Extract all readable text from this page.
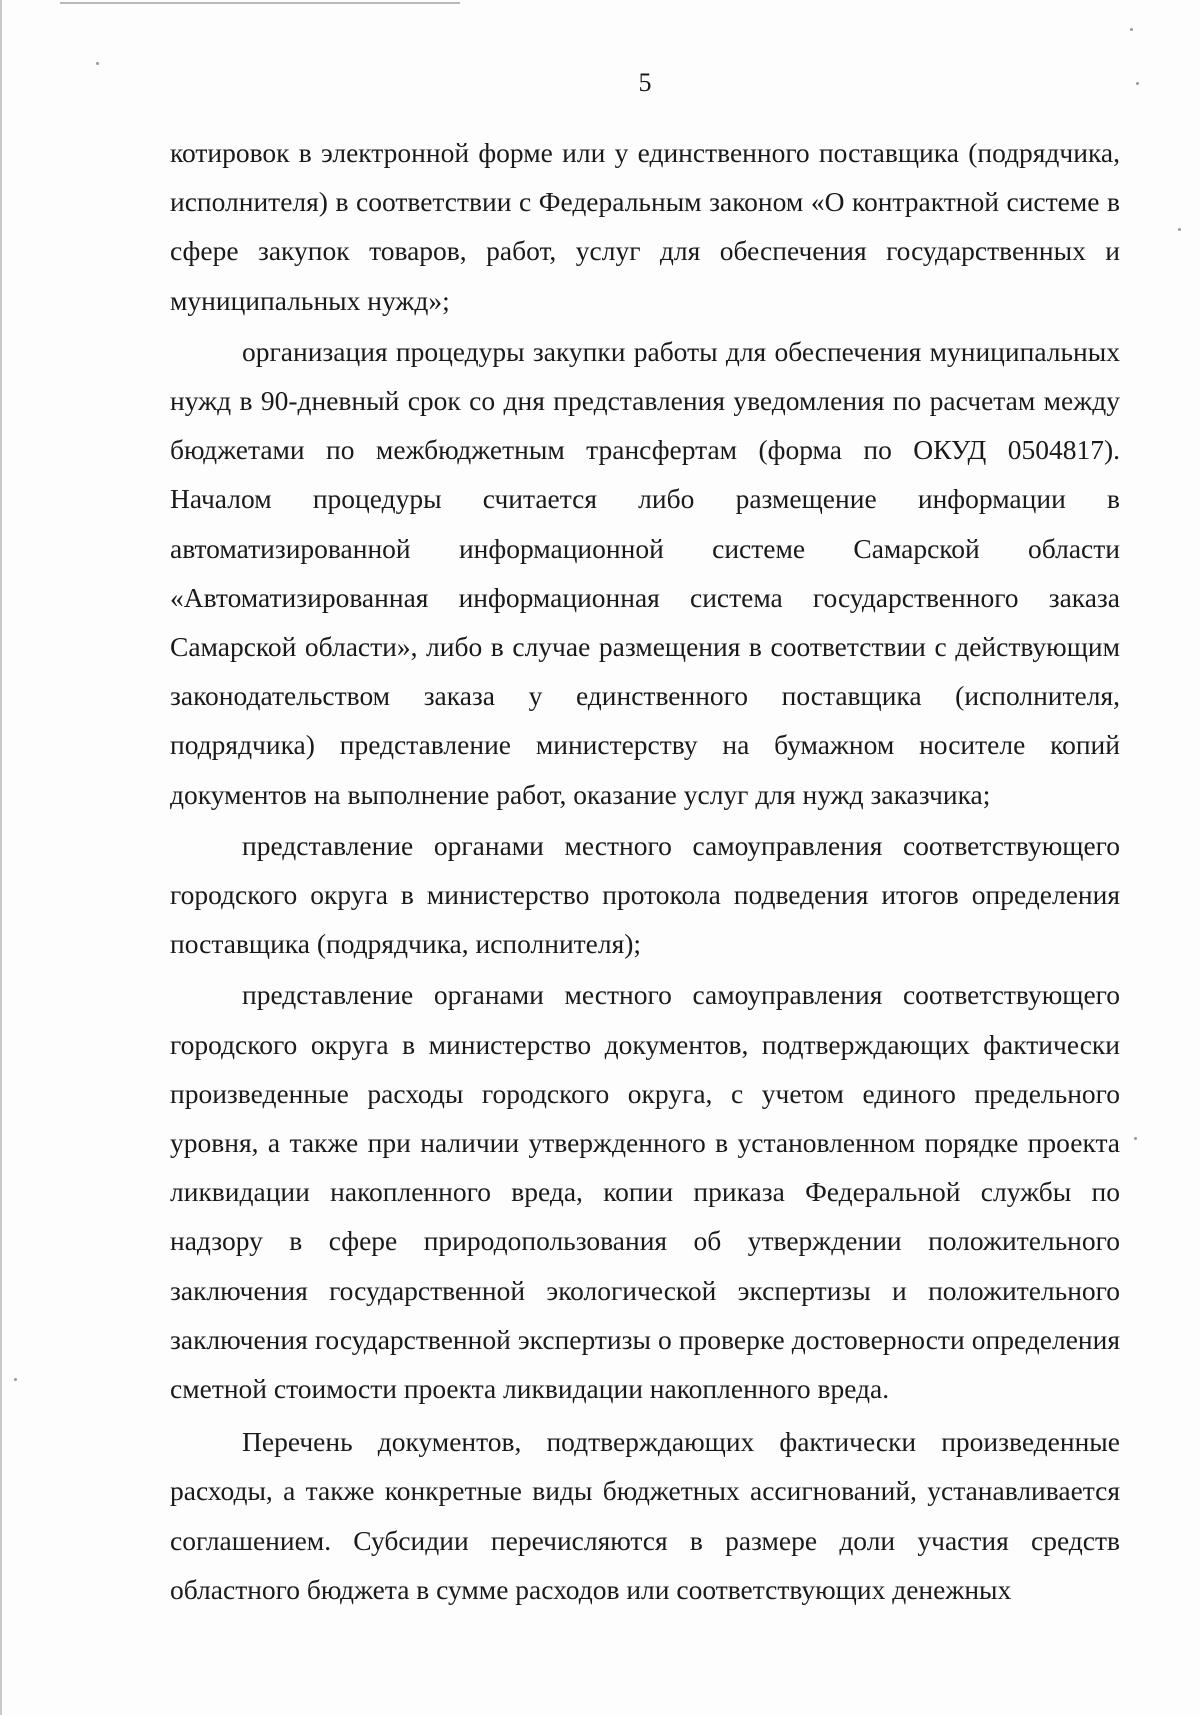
5

котировок в электронной форме или у единственного поставщика (подрядчика, исполнителя) в соответствии с Федеральным законом «О контрактной системе в сфере закупок товаров, работ, услуг для обеспечения государственных и муниципальных нужд»;

организация процедуры закупки работы для обеспечения муниципальных нужд в 90-дневный срок со дня представления уведомления по расчетам между бюджетами по межбюджетным трансфертам (форма по ОКУД 0504817). Началом процедуры считается либо размещение информации в автоматизированной информационной системе Самарской области «Автоматизированная информационная система государственного заказа Самарской области», либо в случае размещения в соответствии с действующим законодательством заказа у единственного поставщика (исполнителя, подрядчика) представление министерству на бумажном носителе копий документов на выполнение работ, оказание услуг для нужд заказчика;

представление органами местного самоуправления соответствующего городского округа в министерство протокола подведения итогов определения поставщика (подрядчика, исполнителя);

представление органами местного самоуправления соответствующего городского округа в министерство документов, подтверждающих фактически произведенные расходы городского округа, с учетом единого предельного уровня, а также при наличии утвержденного в установленном порядке проекта ликвидации накопленного вреда, копии приказа Федеральной службы по надзору в сфере природопользования об утверждении положительного заключения государственной экологической экспертизы и положительного заключения государственной экспертизы о проверке достоверности определения сметной стоимости проекта ликвидации накопленного вреда.

Перечень документов, подтверждающих фактически произведенные расходы, а также конкретные виды бюджетных ассигнований, устанавливается соглашением. Субсидии перечисляются в размере доли участия средств областного бюджета в сумме расходов или соответствующих денежных
